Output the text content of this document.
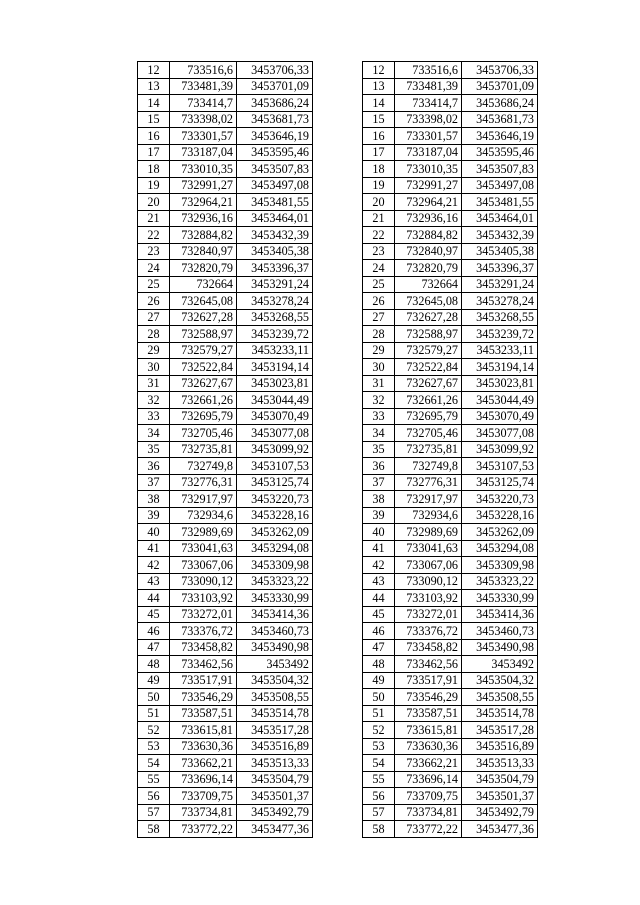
12	733516,6	3453706,33
13	733481,39	3453701,09
14	733414,7	3453686,24
15	733398,02	3453681,73
16	733301,57	3453646,19
17	733187,04	3453595,46
18	733010,35	3453507,83
19	732991,27	3453497,08
20	732964,21	3453481,55
21	732936,16	3453464,01
22	732884,82	3453432,39
23	732840,97	3453405,38
24	732820,79	3453396,37
25	732664	3453291,24
26	732645,08	3453278,24
27	732627,28	3453268,55
28	732588,97	3453239,72
29	732579,27	3453233,11
30	732522,84	3453194,14
31	732627,67	3453023,81
32	732661,26	3453044,49
33	732695,79	3453070,49
34	732705,46	3453077,08
35	732735,81	3453099,92
36	732749,8	3453107,53
37	732776,31	3453125,74
38	732917,97	3453220,73
39	732934,6	3453228,16
40	732989,69	3453262,09
41	733041,63	3453294,08
42	733067,06	3453309,98
43	733090,12	3453323,22
44	733103,92	3453330,99
45	733272,01	3453414,36
46	733376,72	3453460,73
47	733458,82	3453490,98
48	733462,56	3453492
49	733517,91	3453504,32
50	733546,29	3453508,55
51	733587,51	3453514,78
52	733615,81	3453517,28
53	733630,36	3453516,89
54	733662,21	3453513,33
55	733696,14	3453504,79
56	733709,75	3453501,37
57	733734,81	3453492,79
58	733772,22	3453477,36
12	733516,6	3453706,33
13	733481,39	3453701,09
14	733414,7	3453686,24
15	733398,02	3453681,73
16	733301,57	3453646,19
17	733187,04	3453595,46
18	733010,35	3453507,83
19	732991,27	3453497,08
20	732964,21	3453481,55
21	732936,16	3453464,01
22	732884,82	3453432,39
23	732840,97	3453405,38
24	732820,79	3453396,37
25	732664	3453291,24
26	732645,08	3453278,24
27	732627,28	3453268,55
28	732588,97	3453239,72
29	732579,27	3453233,11
30	732522,84	3453194,14
31	732627,67	3453023,81
32	732661,26	3453044,49
33	732695,79	3453070,49
34	732705,46	3453077,08
35	732735,81	3453099,92
36	732749,8	3453107,53
37	732776,31	3453125,74
38	732917,97	3453220,73
39	732934,6	3453228,16
40	732989,69	3453262,09
41	733041,63	3453294,08
42	733067,06	3453309,98
43	733090,12	3453323,22
44	733103,92	3453330,99
45	733272,01	3453414,36
46	733376,72	3453460,73
47	733458,82	3453490,98
48	733462,56	3453492
49	733517,91	3453504,32
50	733546,29	3453508,55
51	733587,51	3453514,78
52	733615,81	3453517,28
53	733630,36	3453516,89
54	733662,21	3453513,33
55	733696,14	3453504,79
56	733709,75	3453501,37
57	733734,81	3453492,79
58	733772,22	3453477,36
